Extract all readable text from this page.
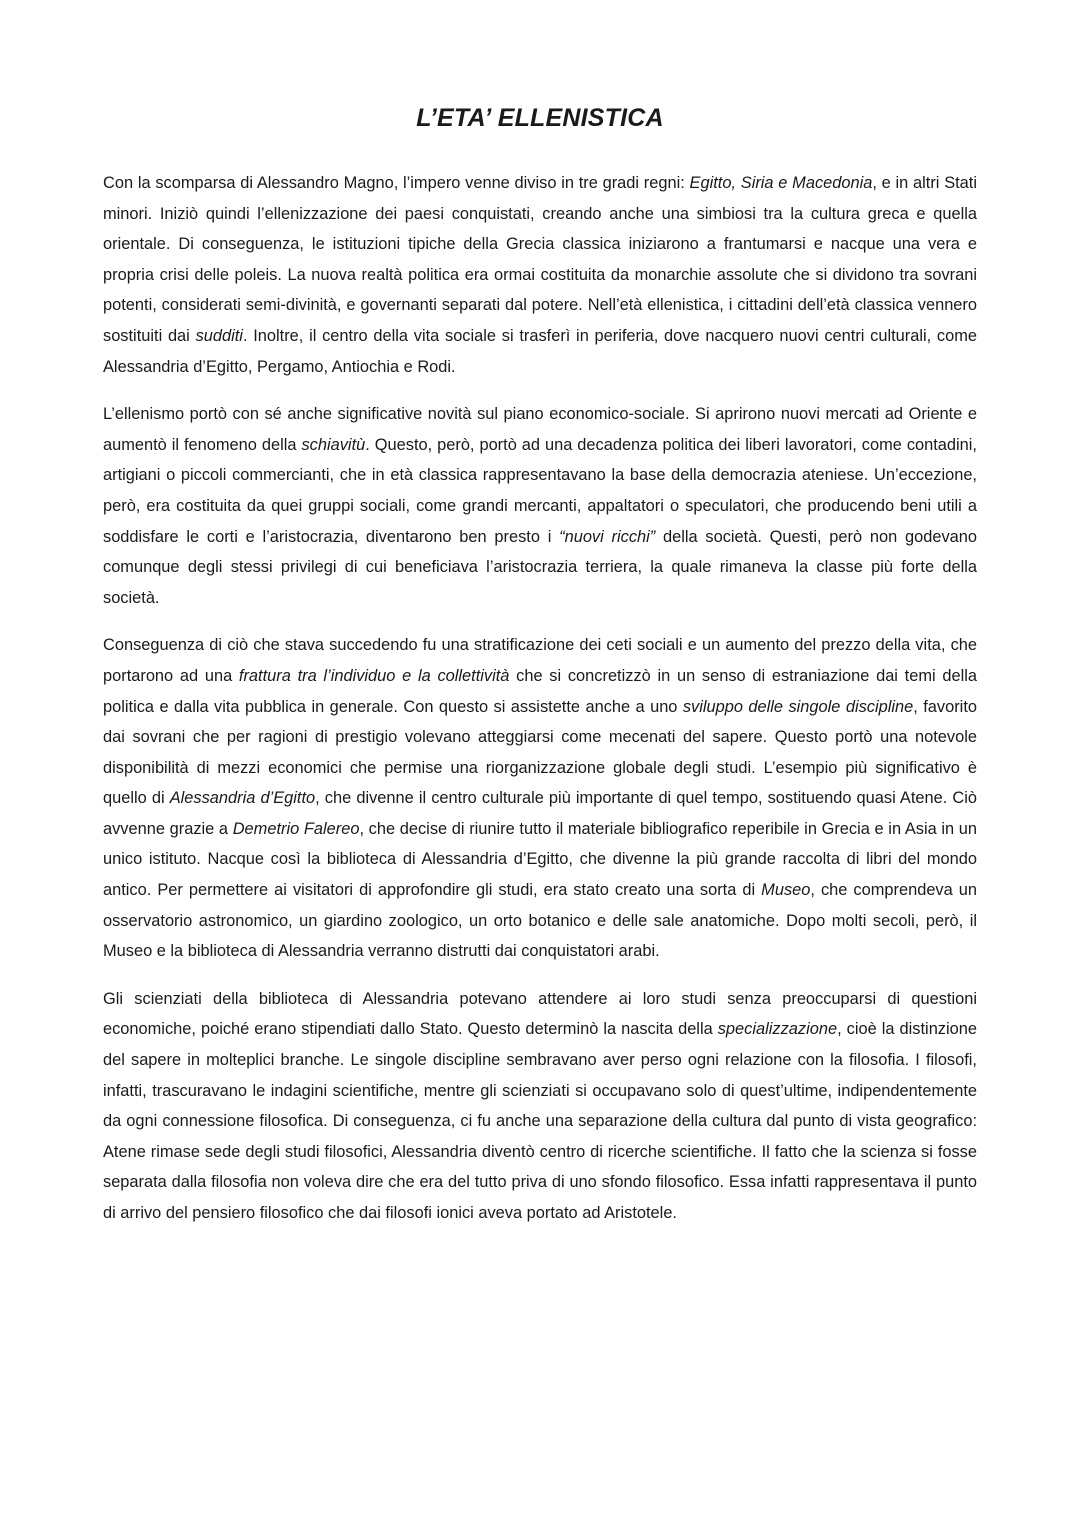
L’ETA’ ELLENISTICA

Con la scomparsa di Alessandro Magno, l’impero venne diviso in tre gradi regni: Egitto, Siria e Macedonia, e in altri Stati minori. Iniziò quindi l’ellenizzazione dei paesi conquistati, creando anche una simbiosi tra la cultura greca e quella orientale. Di conseguenza, le istituzioni tipiche della Grecia classica iniziarono a frantumarsi e nacque una vera e propria crisi delle poleis. La nuova realtà politica era ormai costituita da monarchie assolute che si dividono tra sovrani potenti, considerati semi-divinità, e governanti separati dal potere. Nell’età ellenistica, i cittadini dell’età classica vennero sostituiti dai sudditi. Inoltre, il centro della vita sociale si trasferì in periferia, dove nacquero nuovi centri culturali, come Alessandria d’Egitto, Pergamo, Antiochia e Rodi.

L’ellenismo portò con sé anche significative novità sul piano economico-sociale. Si aprirono nuovi mercati ad Oriente e aumentò il fenomeno della schiavitù. Questo, però, portò ad una decadenza politica dei liberi lavoratori, come contadini, artigiani o piccoli commercianti, che in età classica rappresentavano la base della democrazia ateniese. Un’eccezione, però, era costituita da quei gruppi sociali, come grandi mercanti, appaltatori o speculatori, che producendo beni utili a soddisfare le corti e l’aristocrazia, diventarono ben presto i “nuovi ricchi” della società. Questi, però non godevano comunque degli stessi privilegi di cui beneficiava l’aristocrazia terriera, la quale rimaneva la classe più forte della società.

Conseguenza di ciò che stava succedendo fu una stratificazione dei ceti sociali e un aumento del prezzo della vita, che portarono ad una frattura tra l’individuo e la collettività che si concretizzò in un senso di estraniazione dai temi della politica e dalla vita pubblica in generale. Con questo si assistette anche a uno sviluppo delle singole discipline, favorito dai sovrani che per ragioni di prestigio volevano atteggiarsi come mecenati del sapere. Questo portò una notevole disponibilità di mezzi economici che permise una riorganizzazione globale degli studi. L’esempio più significativo è quello di Alessandria d’Egitto, che divenne il centro culturale più importante di quel tempo, sostituendo quasi Atene. Ciò avvenne grazie a Demetrio Falereo, che decise di riunire tutto il materiale bibliografico reperibile in Grecia e in Asia in un unico istituto. Nacque così la biblioteca di Alessandria d’Egitto, che divenne la più grande raccolta di libri del mondo antico. Per permettere ai visitatori di approfondire gli studi, era stato creato una sorta di Museo, che comprendeva un osservatorio astronomico, un giardino zoologico, un orto botanico e delle sale anatomiche. Dopo molti secoli, però, il Museo e la biblioteca di Alessandria verranno distrutti dai conquistatori arabi.

Gli scienziati della biblioteca di Alessandria potevano attendere ai loro studi senza preoccuparsi di questioni economiche, poiché erano stipendiati dallo Stato. Questo determinò la nascita della specializzazione, cioè la distinzione del sapere in molteplici branche. Le singole discipline sembravano aver perso ogni relazione con la filosofia. I filosofi, infatti, trascuravano le indagini scientifiche, mentre gli scienziati si occupavano solo di quest’ultime, indipendentemente da ogni connessione filosofica. Di conseguenza, ci fu anche una separazione della cultura dal punto di vista geografico: Atene rimase sede degli studi filosofici, Alessandria diventò centro di ricerche scientifiche. Il fatto che la scienza si fosse separata dalla filosofia non voleva dire che era del tutto priva di uno sfondo filosofico. Essa infatti rappresentava il punto di arrivo del pensiero filosofico che dai filosofi ionici aveva portato ad Aristotele.
